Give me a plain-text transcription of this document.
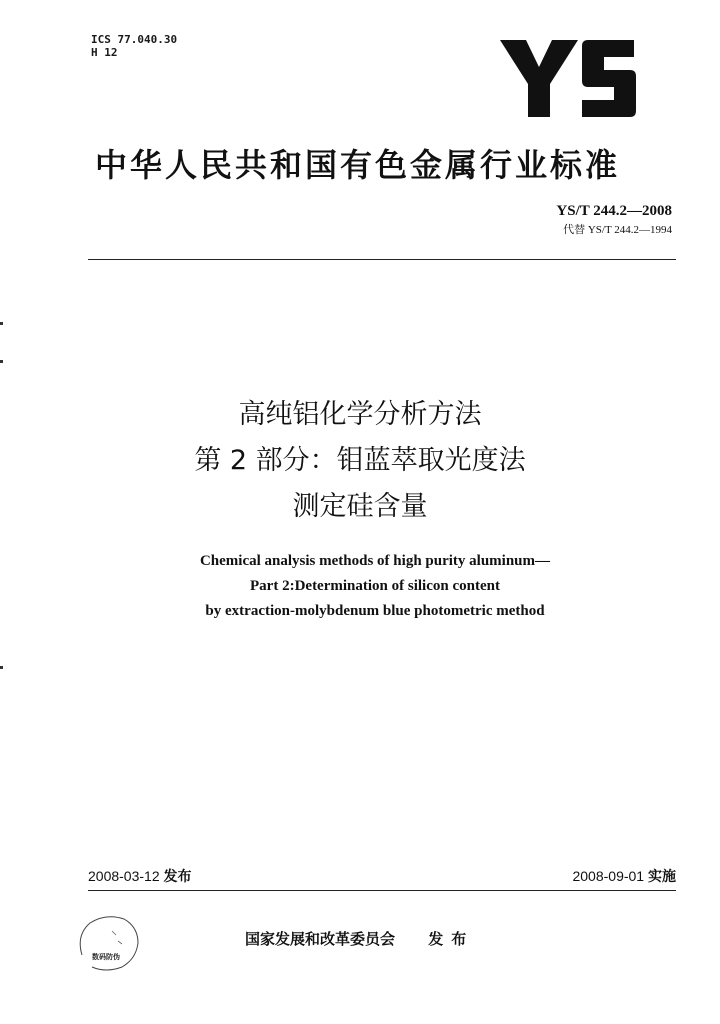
ICS 77.040.30
H 12
中华人民共和国有色金属行业标准
YS/T 244.2—2008
代替 YS/T 244.2—1994
高纯铝化学分析方法
第 2 部分：钼蓝萃取光度法
测定硅含量
Chemical analysis methods of high purity aluminum—
Part 2:Determination of silicon content
by extraction-molybdenum blue photometric method
2008-03-12 发布	2008-09-01 实施
数码防伪
国家发展和改革委员会 发布
